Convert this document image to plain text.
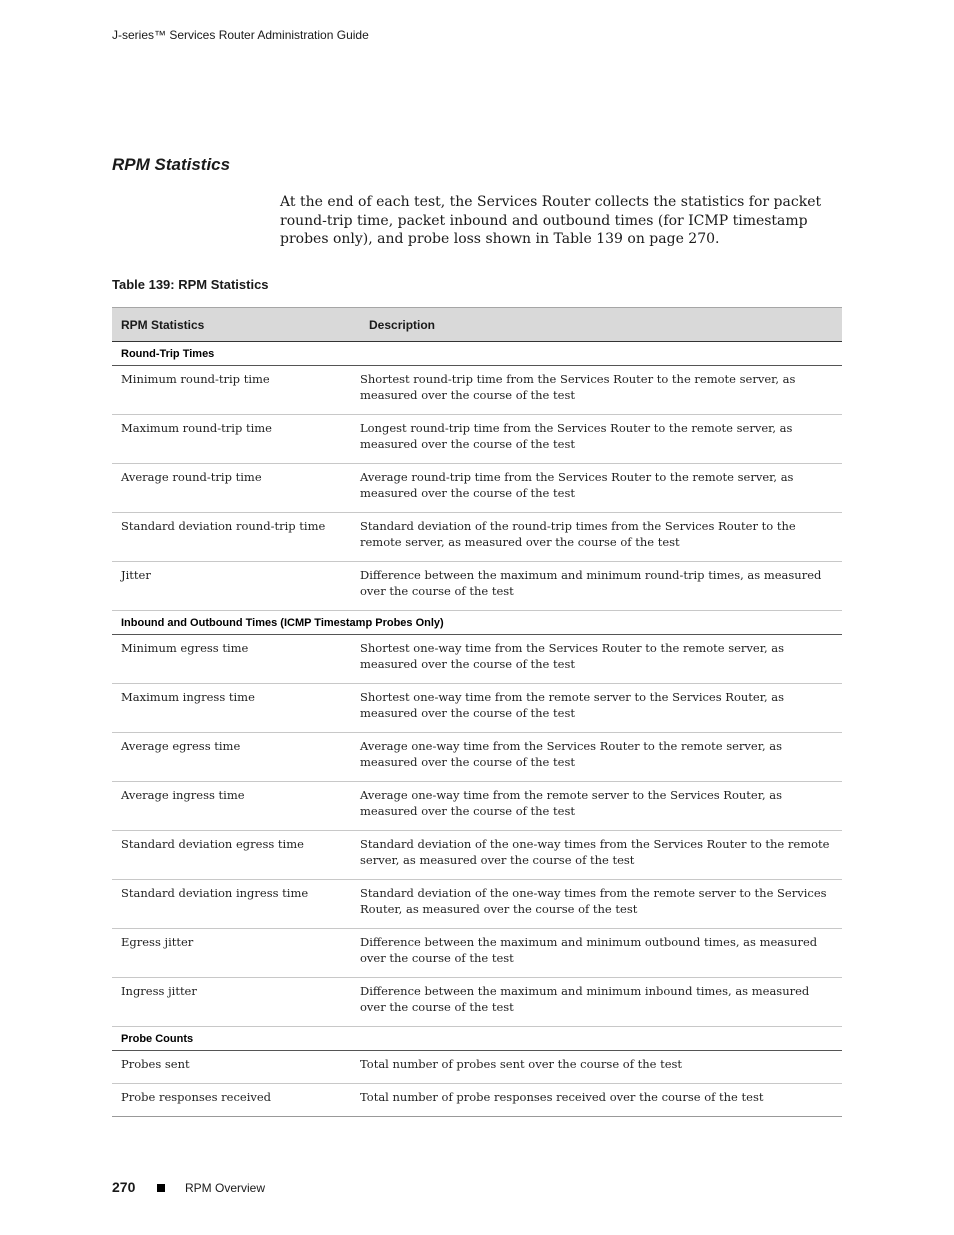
J-series™ Services Router Administration Guide
RPM Statistics

At the end of each test, the Services Router collects the statistics for packet round-trip time, packet inbound and outbound times (for ICMP timestamp probes only), and probe loss shown in Table 139 on page 270.

Table 139: RPM Statistics
RPM Statistics	Description
Round-Trip Times	
Minimum round-trip time	Shortest round-trip time from the Services Router to the remote server, as measured over the course of the test
Maximum round-trip time	Longest round-trip time from the Services Router to the remote server, as measured over the course of the test
Average round-trip time	Average round-trip time from the Services Router to the remote server, as measured over the course of the test
Standard deviation round-trip time	Standard deviation of the round-trip times from the Services Router to the remote server, as measured over the course of the test
Jitter	Difference between the maximum and minimum round-trip times, as measured over the course of the test
Inbound and Outbound Times (ICMP Timestamp Probes Only)	
Minimum egress time	Shortest one-way time from the Services Router to the remote server, as measured over the course of the test
Maximum ingress time	Shortest one-way time from the remote server to the Services Router, as measured over the course of the test
Average egress time	Average one-way time from the Services Router to the remote server, as measured over the course of the test
Average ingress time	Average one-way time from the remote server to the Services Router, as measured over the course of the test
Standard deviation egress time	Standard deviation of the one-way times from the Services Router to the remote server, as measured over the course of the test
Standard deviation ingress time	Standard deviation of the one-way times from the remote server to the Services Router, as measured over the course of the test
Egress jitter	Difference between the maximum and minimum outbound times, as measured over the course of the test
Ingress jitter	Difference between the maximum and minimum inbound times, as measured over the course of the test
Probe Counts	
Probes sent	Total number of probes sent over the course of the test
Probe responses received	Total number of probe responses received over the course of the test
270	RPM Overview
